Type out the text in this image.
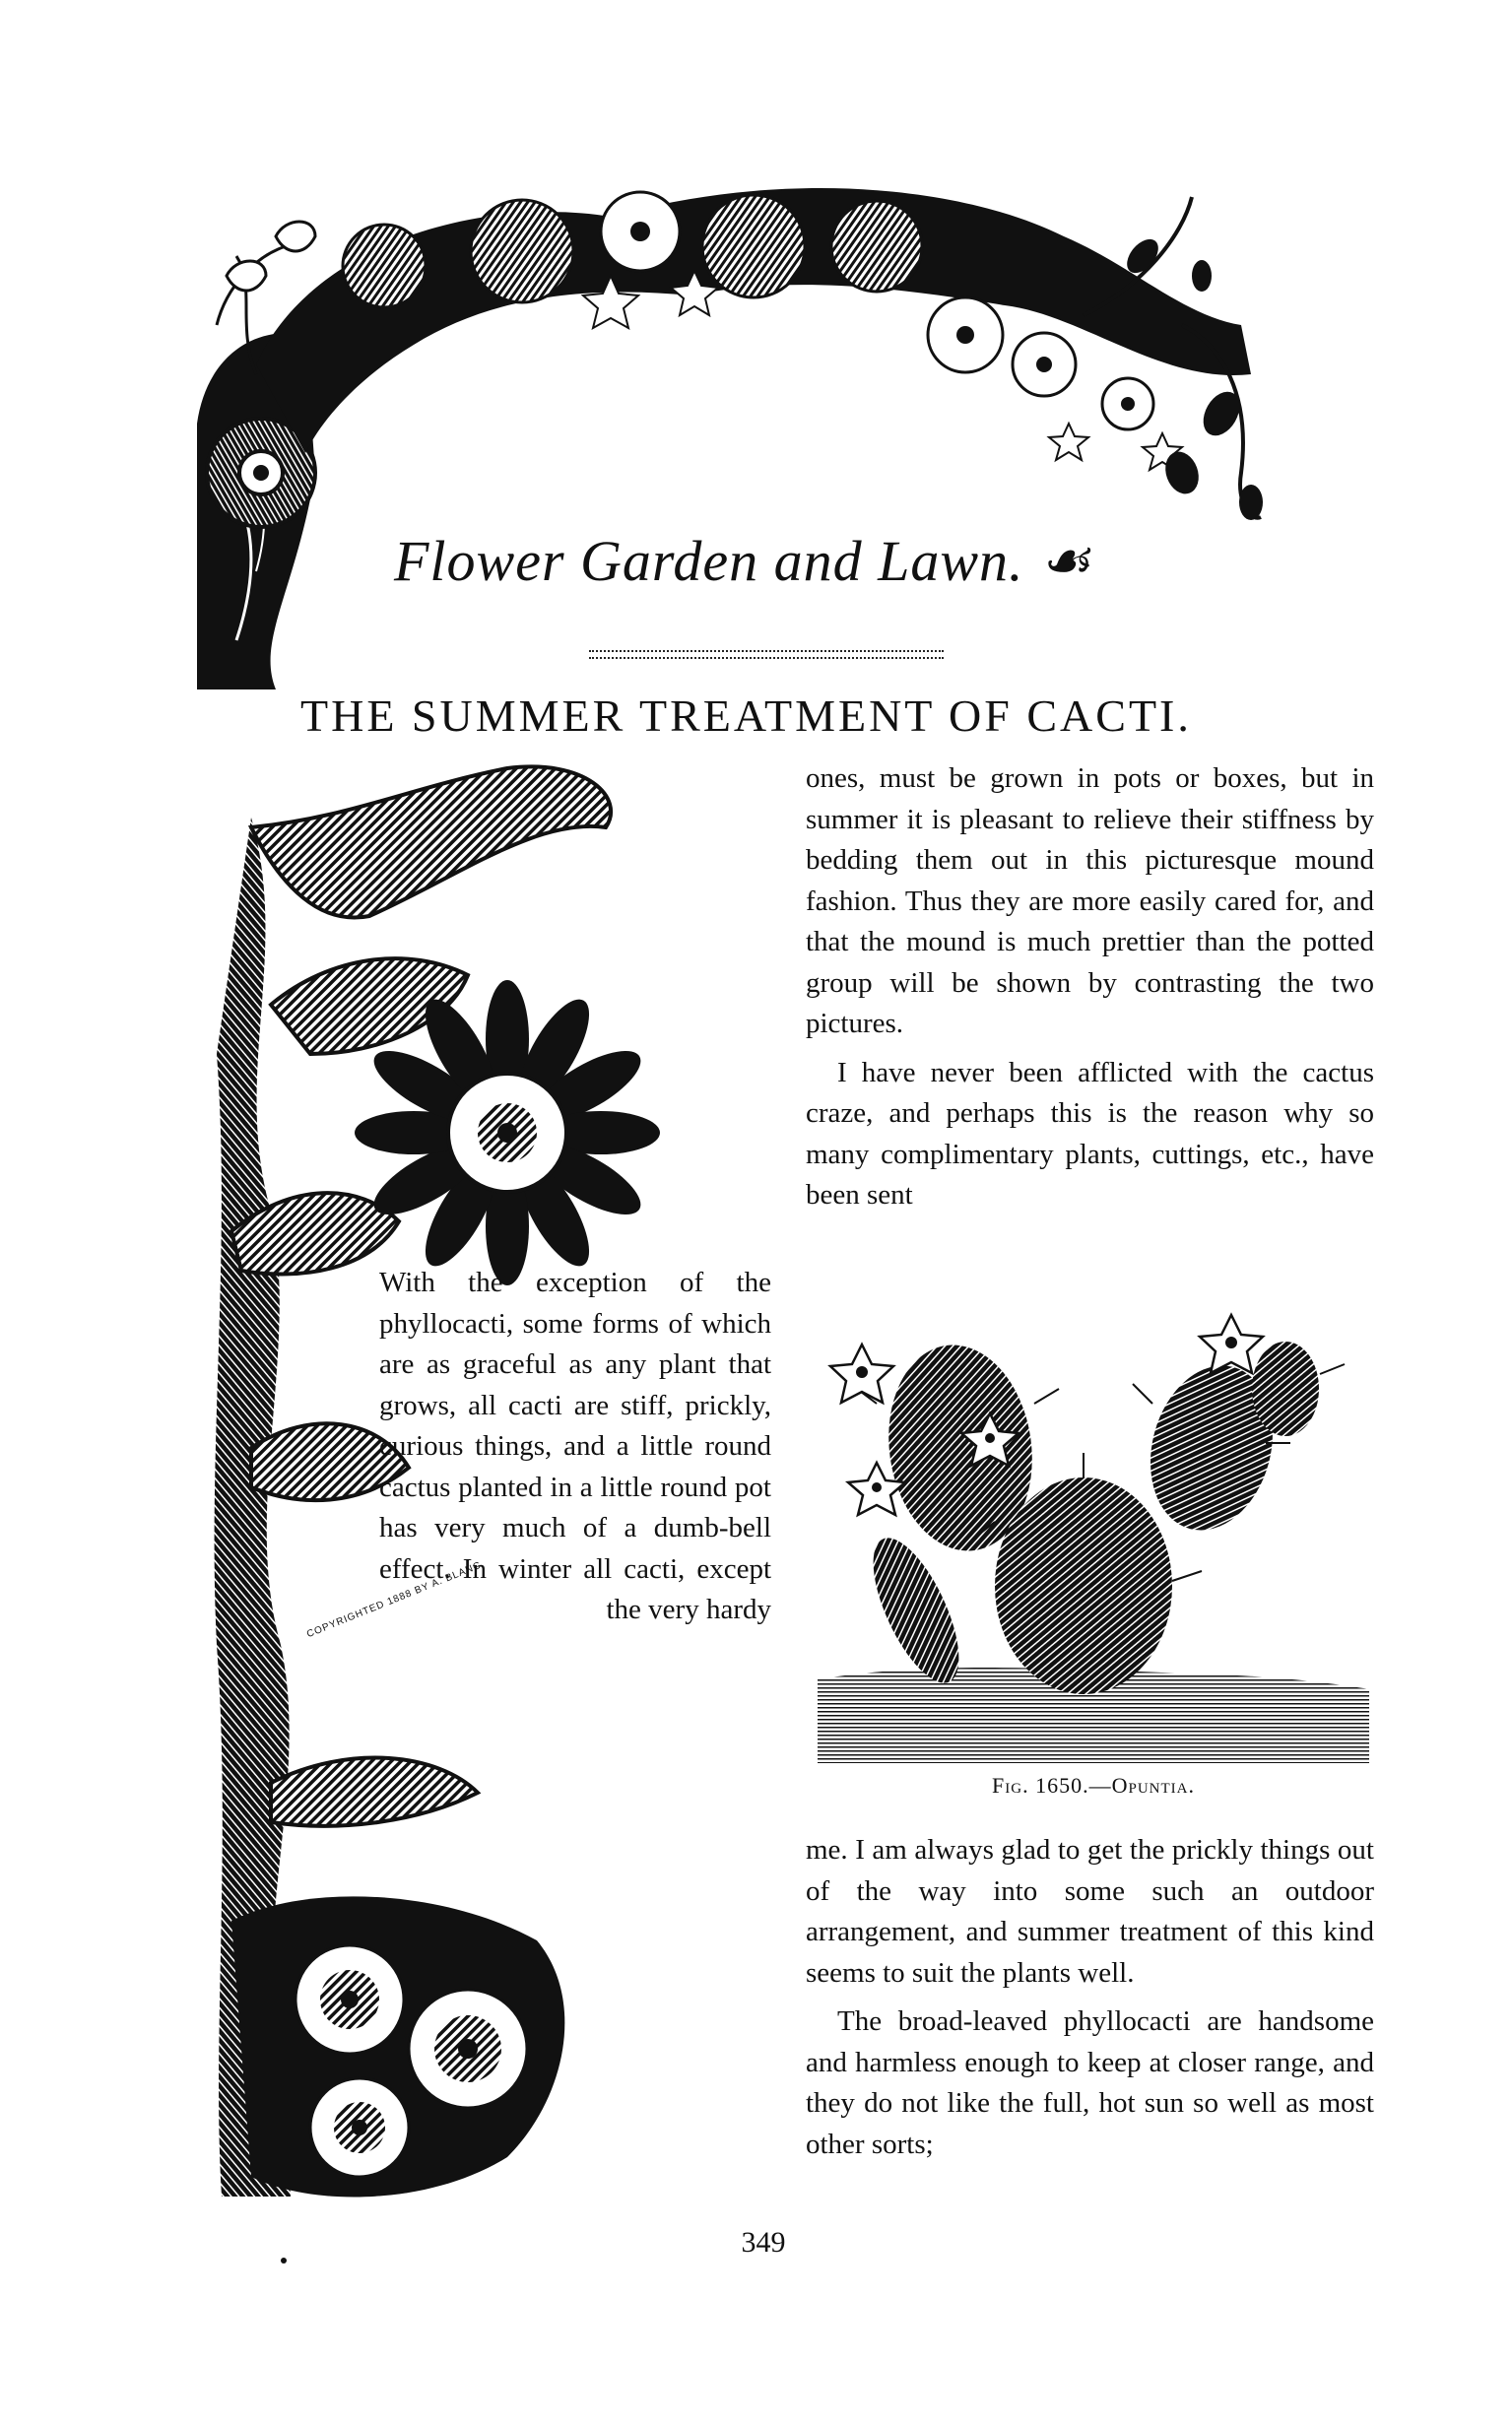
Flower Garden and Lawn. ☙
THE SUMMER TREATMENT OF CACTI.

ones, must be grown in pots or boxes, but in summer it is pleasant to relieve their stiffness by bedding them out in this picturesque mound fashion. Thus they are more easily cared for, and that the mound is much prettier than the potted group will be shown by contrasting the two pictures.

I have never been afflicted with the cactus craze, and perhaps this is the reason why so many complimentary plants, cuttings, etc., have been sent

With the exception of the phyllocacti, some forms of which are as graceful as any plant that grows, all cacti are stiff, prickly, curious things, and a little round cactus planted in a little round pot has very much of a dumb-bell effect. In winter all cacti, except the very hardy

Fig. 1650.—Opuntia.

me. I am always glad to get the prickly things out of the way into some such an outdoor arrangement, and summer treatment of this kind seems to suit the plants well.

The broad-leaved phyllocacti are handsome and harmless enough to keep at closer range, and they do not like the full, hot sun so well as most other sorts;

349
COPYRIGHTED 1888 BY A. BLANC.
